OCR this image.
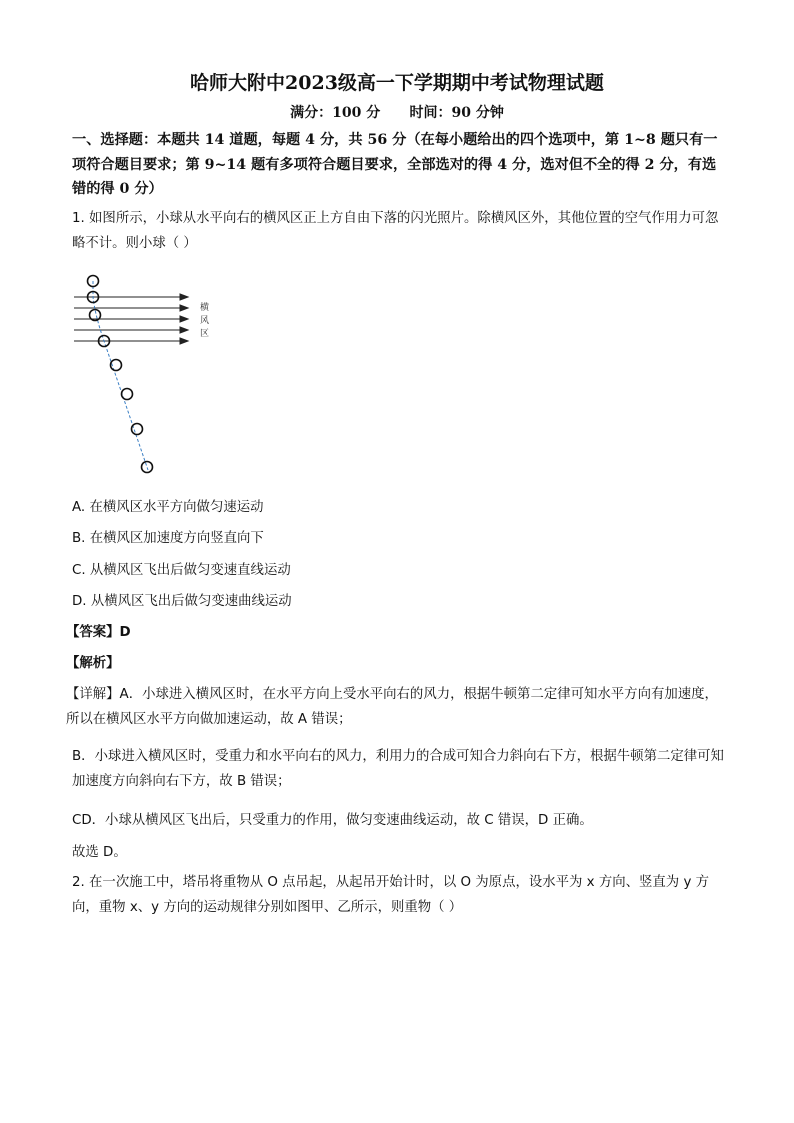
哈师大附中2023级高一下学期期中考试物理试题
满分：100 分      时间：90 分钟
一、选择题：本题共 14 道题，每题 4 分，共 56 分（在每小题给出的四个选项中，第 1~8 题只有一项符合题目要求；第 9~14 题有多项符合题目要求，全部选对的得 4 分，选对但不全的得 2 分，有选错的得 0 分）
1. 如图所示，小球从水平向右的横风区正上方自由下落的闪光照片。除横风区外，其他位置的空气作用力可忽略不计。则小球（ ）
横
风
区
A. 在横风区水平方向做匀速运动
B. 在横风区加速度方向竖直向下
C. 从横风区飞出后做匀变速直线运动
D. 从横风区飞出后做匀变速曲线运动
【答案】D
【解析】
【详解】A．小球进入横风区时，在水平方向上受水平向右的风力，根据牛顿第二定律可知水平方向有加速度，所以在横风区水平方向做加速运动，故 A 错误；
B．小球进入横风区时，受重力和水平向右的风力，利用力的合成可知合力斜向右下方，根据牛顿第二定律可知加速度方向斜向右下方，故 B 错误；
CD．小球从横风区飞出后，只受重力的作用，做匀变速曲线运动，故 C 错误，D 正确。
故选 D。
2. 在一次施工中，塔吊将重物从 O 点吊起，从起吊开始计时，以 O 为原点，设水平为 x 方向、竖直为 y 方向，重物 x、y 方向的运动规律分别如图甲、乙所示，则重物（ ）
